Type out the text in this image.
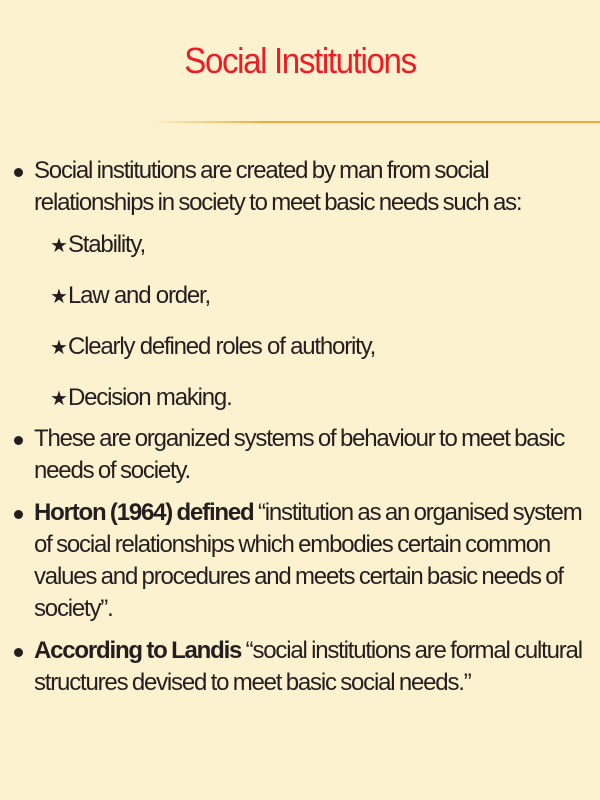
Social Institutions
Social institutions are created by man from social relationships in society to meet basic needs such as:
★Stability,
★Law and order,
★Clearly defined roles of authority,
★Decision making.
These are organized systems of behaviour to meet basic needs of society.
Horton (1964) defined “institution as an organised system of social relationships which embodies certain common values and procedures and meets certain basic needs of society”.
According to Landis “social institutions are formal cultural structures devised to meet basic social needs.”
